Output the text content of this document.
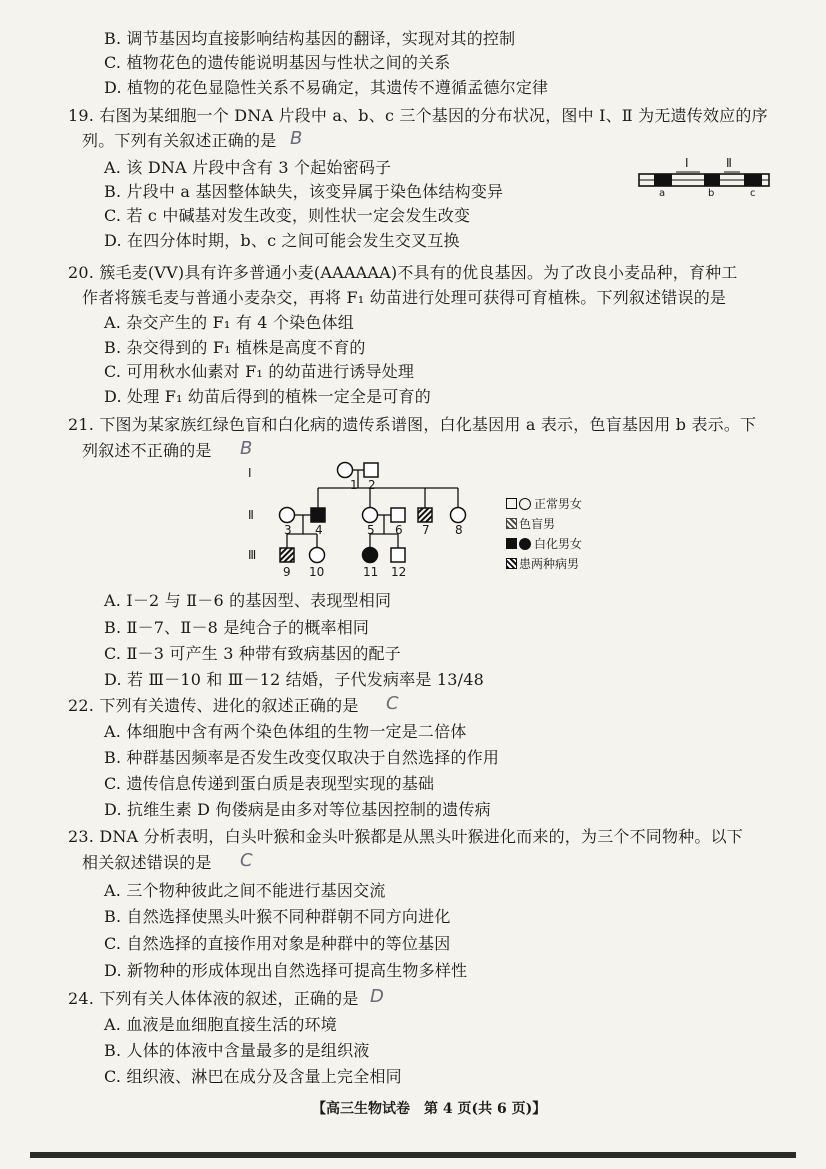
B. 调节基因均直接影响结构基因的翻译，实现对其的控制
C. 植物花色的遗传能说明基因与性状之间的关系
D. 植物的花色显隐性关系不易确定，其遗传不遵循孟德尔定律
19. 右图为某细胞一个 DNA 片段中 a、b、c 三个基因的分布状况，图中 Ⅰ、Ⅱ 为无遗传效应的序
列。下列有关叙述正确的是 B
A. 该 DNA 片段中含有 3 个起始密码子
B. 片段中 a 基因整体缺失，该变异属于染色体结构变异
C. 若 c 中碱基对发生改变，则性状一定会发生改变
D. 在四分体时期，b、c 之间可能会发生交叉互换
Ⅰ	Ⅱ
a	b	c
20. 簇毛麦(VV)具有许多普通小麦(AAAAAA)不具有的优良基因。为了改良小麦品种，育种工
作者将簇毛麦与普通小麦杂交，再将 F₁ 幼苗进行处理可获得可育植株。下列叙述错误的是
A. 杂交产生的 F₁ 有 4 个染色体组
B. 杂交得到的 F₁ 植株是高度不育的
C. 可用秋水仙素对 F₁ 的幼苗进行诱导处理
D. 处理 F₁ 幼苗后得到的植株一定全是可育的
21. 下图为某家族红绿色盲和白化病的遗传系谱图，白化基因用 a 表示，色盲基因用 b 表示。下
列叙述不正确的是 B
Ⅰ
Ⅱ
Ⅲ
1 2
3 4	5 6 7 8
9 10	11 12
正常男女
色盲男
白化男女
患两种病男
A. Ⅰ－2 与 Ⅱ－6 的基因型、表现型相同
B. Ⅱ－7、Ⅱ－8 是纯合子的概率相同
C. Ⅱ－3 可产生 3 种带有致病基因的配子
D. 若 Ⅲ－10 和 Ⅲ－12 结婚，子代发病率是 13/48
22. 下列有关遗传、进化的叙述正确的是 C
A. 体细胞中含有两个染色体组的生物一定是二倍体
B. 种群基因频率是否发生改变仅取决于自然选择的作用
C. 遗传信息传递到蛋白质是表现型实现的基础
D. 抗维生素 D 佝偻病是由多对等位基因控制的遗传病
23. DNA 分析表明，白头叶猴和金头叶猴都是从黑头叶猴进化而来的，为三个不同物种。以下
相关叙述错误的是 C
A. 三个物种彼此之间不能进行基因交流
B. 自然选择使黑头叶猴不同种群朝不同方向进化
C. 自然选择的直接作用对象是种群中的等位基因
D. 新物种的形成体现出自然选择可提高生物多样性
24. 下列有关人体体液的叙述，正确的是 D
A. 血液是血细胞直接生活的环境
B. 人体的体液中含量最多的是组织液
C. 组织液、淋巴在成分及含量上完全相同
【高三生物试卷　第 4 页(共 6 页)】
